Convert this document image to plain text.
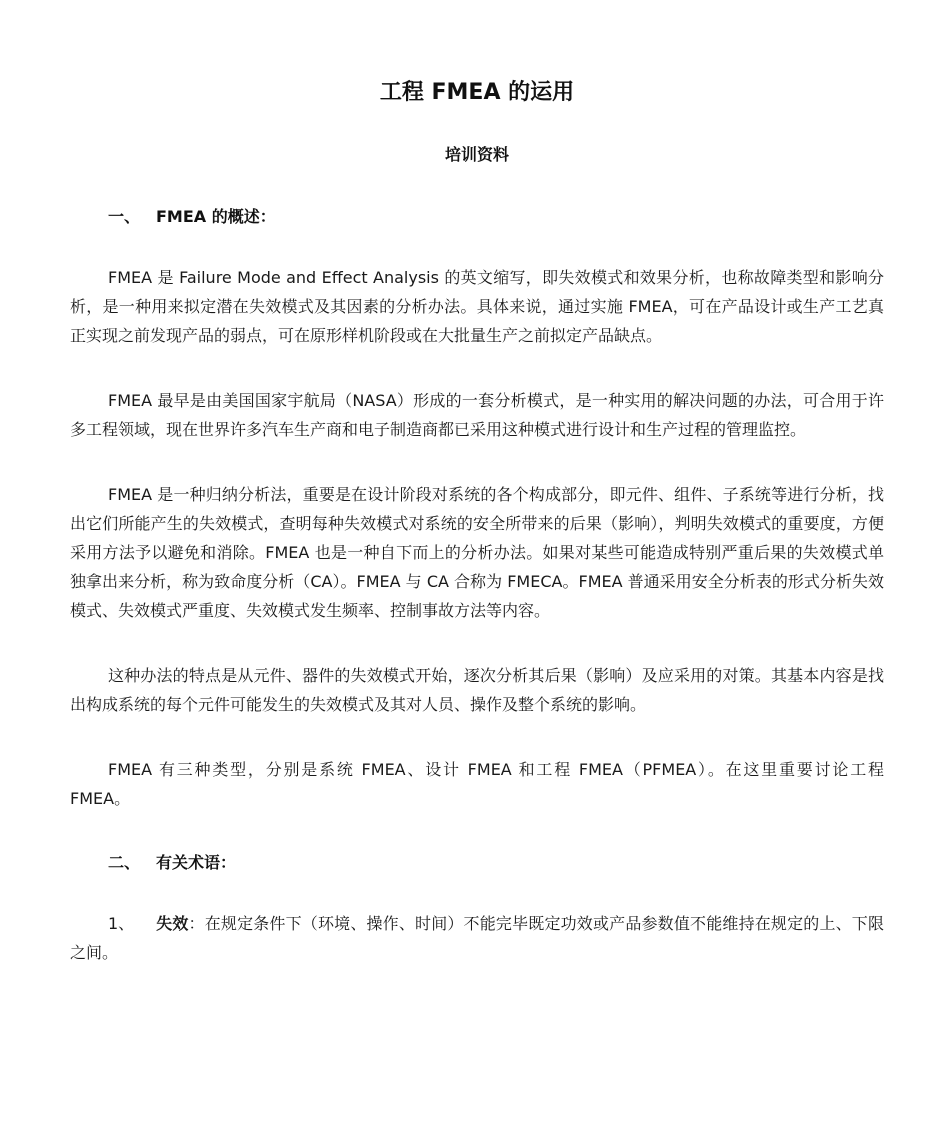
工程 FMEA 的运用
培训资料
一、 FMEA 的概述：

FMEA 是 Failure Mode and Effect Analysis 的英文缩写，即失效模式和效果分析，也称故障类型和影响分析，是一种用来拟定潜在失效模式及其因素的分析办法。具体来说，通过实施 FMEA，可在产品设计或生产工艺真正实现之前发现产品的弱点，可在原形样机阶段或在大批量生产之前拟定产品缺点。

FMEA 最早是由美国国家宇航局（NASA）形成的一套分析模式，是一种实用的解决问题的办法，可合用于许多工程领域，现在世界许多汽车生产商和电子制造商都已采用这种模式进行设计和生产过程的管理监控。

FMEA 是一种归纳分析法，重要是在设计阶段对系统的各个构成部分，即元件、组件、子系统等进行分析，找出它们所能产生的失效模式，查明每种失效模式对系统的安全所带来的后果（影响），判明失效模式的重要度，方便采用方法予以避免和消除。FMEA 也是一种自下而上的分析办法。如果对某些可能造成特别严重后果的失效模式单独拿出来分析，称为致命度分析（CA）。FMEA 与 CA 合称为 FMECA。FMEA 普通采用安全分析表的形式分析失效模式、失效模式严重度、失效模式发生频率、控制事故方法等内容。

这种办法的特点是从元件、器件的失效模式开始，逐次分析其后果（影响）及应采用的对策。其基本内容是找出构成系统的每个元件可能发生的失效模式及其对人员、操作及整个系统的影响。

FMEA 有三种类型，分别是系统 FMEA、设计 FMEA 和工程 FMEA（PFMEA）。在这里重要讨论工程 FMEA。

二、 有关术语：

1、 失效：在规定条件下（环境、操作、时间）不能完毕既定功效或产品参数值不能维持在规定的上、下限之间。
